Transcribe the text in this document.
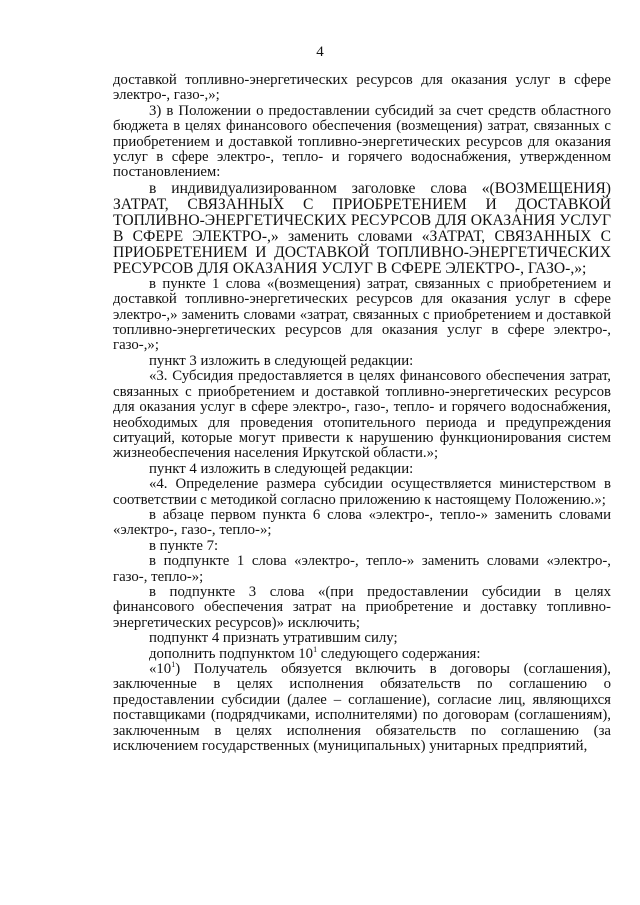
4

доставкой топливно-энергетических ресурсов для оказания услуг в сфере электро-, газо-,»;

3) в Положении о предоставлении субсидий за счет средств областного бюджета в целях финансового обеспечения (возмещения) затрат, связанных с приобретением и доставкой топливно-энергетических ресурсов для оказания услуг в сфере электро-, тепло- и горячего водоснабжения, утвержденном постановлением:

в индивидуализированном заголовке слова «(ВОЗМЕЩЕНИЯ) ЗАТРАТ, СВЯЗАННЫХ С ПРИОБРЕТЕНИЕМ И ДОСТАВКОЙ ТОПЛИВНО-ЭНЕРГЕТИЧЕСКИХ РЕСУРСОВ ДЛЯ ОКАЗАНИЯ УСЛУГ В СФЕРЕ ЭЛЕКТРО-,» заменить словами «ЗАТРАТ, СВЯЗАННЫХ С ПРИОБРЕТЕНИЕМ И ДОСТАВКОЙ ТОПЛИВНО-ЭНЕРГЕТИЧЕСКИХ РЕСУРСОВ ДЛЯ ОКАЗАНИЯ УСЛУГ В СФЕРЕ ЭЛЕКТРО-, ГАЗО-,»;

в пункте 1 слова «(возмещения) затрат, связанных с приобретением и доставкой топливно-энергетических ресурсов для оказания услуг в сфере электро-,» заменить словами «затрат, связанных с приобретением и доставкой топливно-энергетических ресурсов для оказания услуг в сфере электро-, газо-,»;

пункт 3 изложить в следующей редакции:

«3. Субсидия предоставляется в целях финансового обеспечения затрат, связанных с приобретением и доставкой топливно-энергетических ресурсов для оказания услуг в сфере электро-, газо-, тепло- и горячего водоснабжения, необходимых для проведения отопительного периода и предупреждения ситуаций, которые могут привести к нарушению функционирования систем жизнеобеспечения населения Иркутской области.»;

пункт 4 изложить в следующей редакции:

«4. Определение размера субсидии осуществляется министерством в соответствии с методикой согласно приложению к настоящему Положению.»;

в абзаце первом пункта 6 слова «электро-, тепло-» заменить словами «электро-, газо-, тепло-»;

в пункте 7:

в подпункте 1 слова «электро-, тепло-» заменить словами «электро-, газо-, тепло-»;

в подпункте 3 слова «(при предоставлении субсидии в целях финансового обеспечения затрат на приобретение и доставку топливно-энергетических ресурсов)» исключить;

подпункт 4 признать утратившим силу;

дополнить подпунктом $10^1$ следующего содержания:

«$10^1$) Получатель обязуется включить в договоры (соглашения), заключенные в целях исполнения обязательств по соглашению о предоставлении субсидии (далее – соглашение), согласие лиц, являющихся поставщиками (подрядчиками, исполнителями) по договорам (соглашениям), заключенным в целях исполнения обязательств по соглашению (за исключением государственных (муниципальных) унитарных предприятий,
